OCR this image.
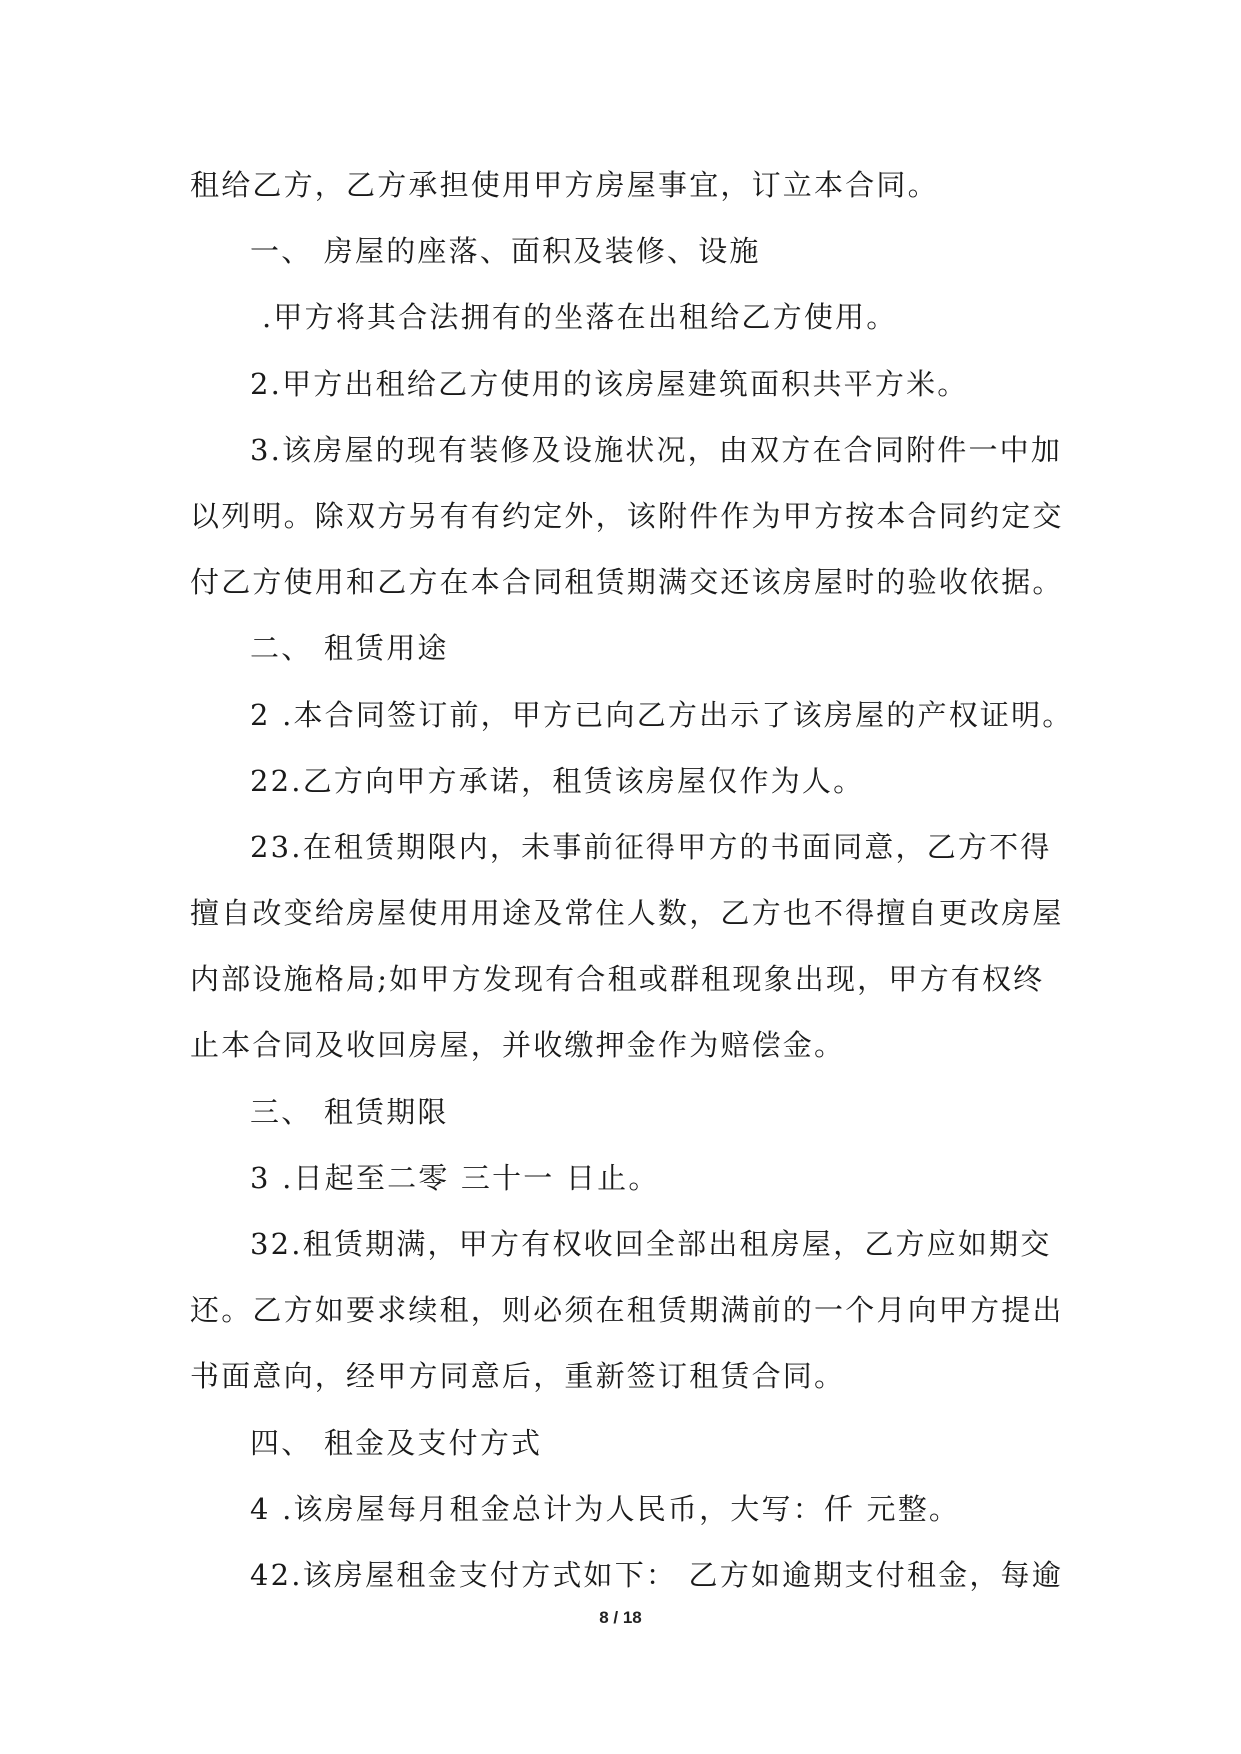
租给乙方，乙方承担使用甲方房屋事宜，订立本合同。
一、 房屋的座落、面积及装修、设施
.甲方将其合法拥有的坐落在出租给乙方使用。
2.甲方出租给乙方使用的该房屋建筑面积共平方米。
3.该房屋的现有装修及设施状况，由双方在合同附件一中加
以列明。除双方另有有约定外，该附件作为甲方按本合同约定交
付乙方使用和乙方在本合同租赁期满交还该房屋时的验收依据。
二、 租赁用途
2 .本合同签订前，甲方已向乙方出示了该房屋的产权证明。
22.乙方向甲方承诺，租赁该房屋仅作为人。
23.在租赁期限内，未事前征得甲方的书面同意，乙方不得
擅自改变给房屋使用用途及常住人数，乙方也不得擅自更改房屋
内部设施格局;如甲方发现有合租或群租现象出现，甲方有权终
止本合同及收回房屋，并收缴押金作为赔偿金。
三、 租赁期限
3 .日起至二零 三十一 日止。
32.租赁期满，甲方有权收回全部出租房屋，乙方应如期交
还。乙方如要求续租，则必须在租赁期满前的一个月向甲方提出
书面意向，经甲方同意后，重新签订租赁合同。
四、 租金及支付方式
4 .该房屋每月租金总计为人民币，大写：仟 元整。
42.该房屋租金支付方式如下： 乙方如逾期支付租金，每逾
8 / 18
